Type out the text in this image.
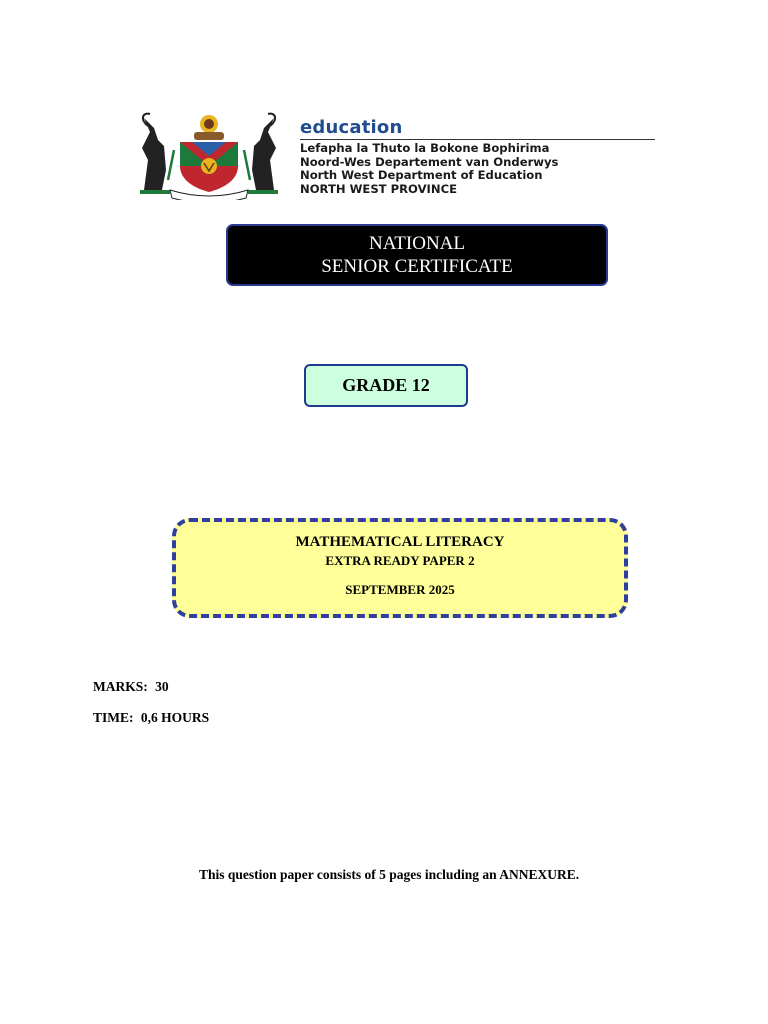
education
Lefapha la Thuto la Bokone Bophirima
Noord-Wes Departement van Onderwys
North West Department of Education
NORTH WEST PROVINCE
NATIONAL
SENIOR CERTIFICATE
GRADE 12
MATHEMATICAL LITERACY
EXTRA READY PAPER 2
SEPTEMBER 2025
MARKS: 30
TIME: 0,6 HOURS
This question paper consists of 5 pages including an ANNEXURE.
